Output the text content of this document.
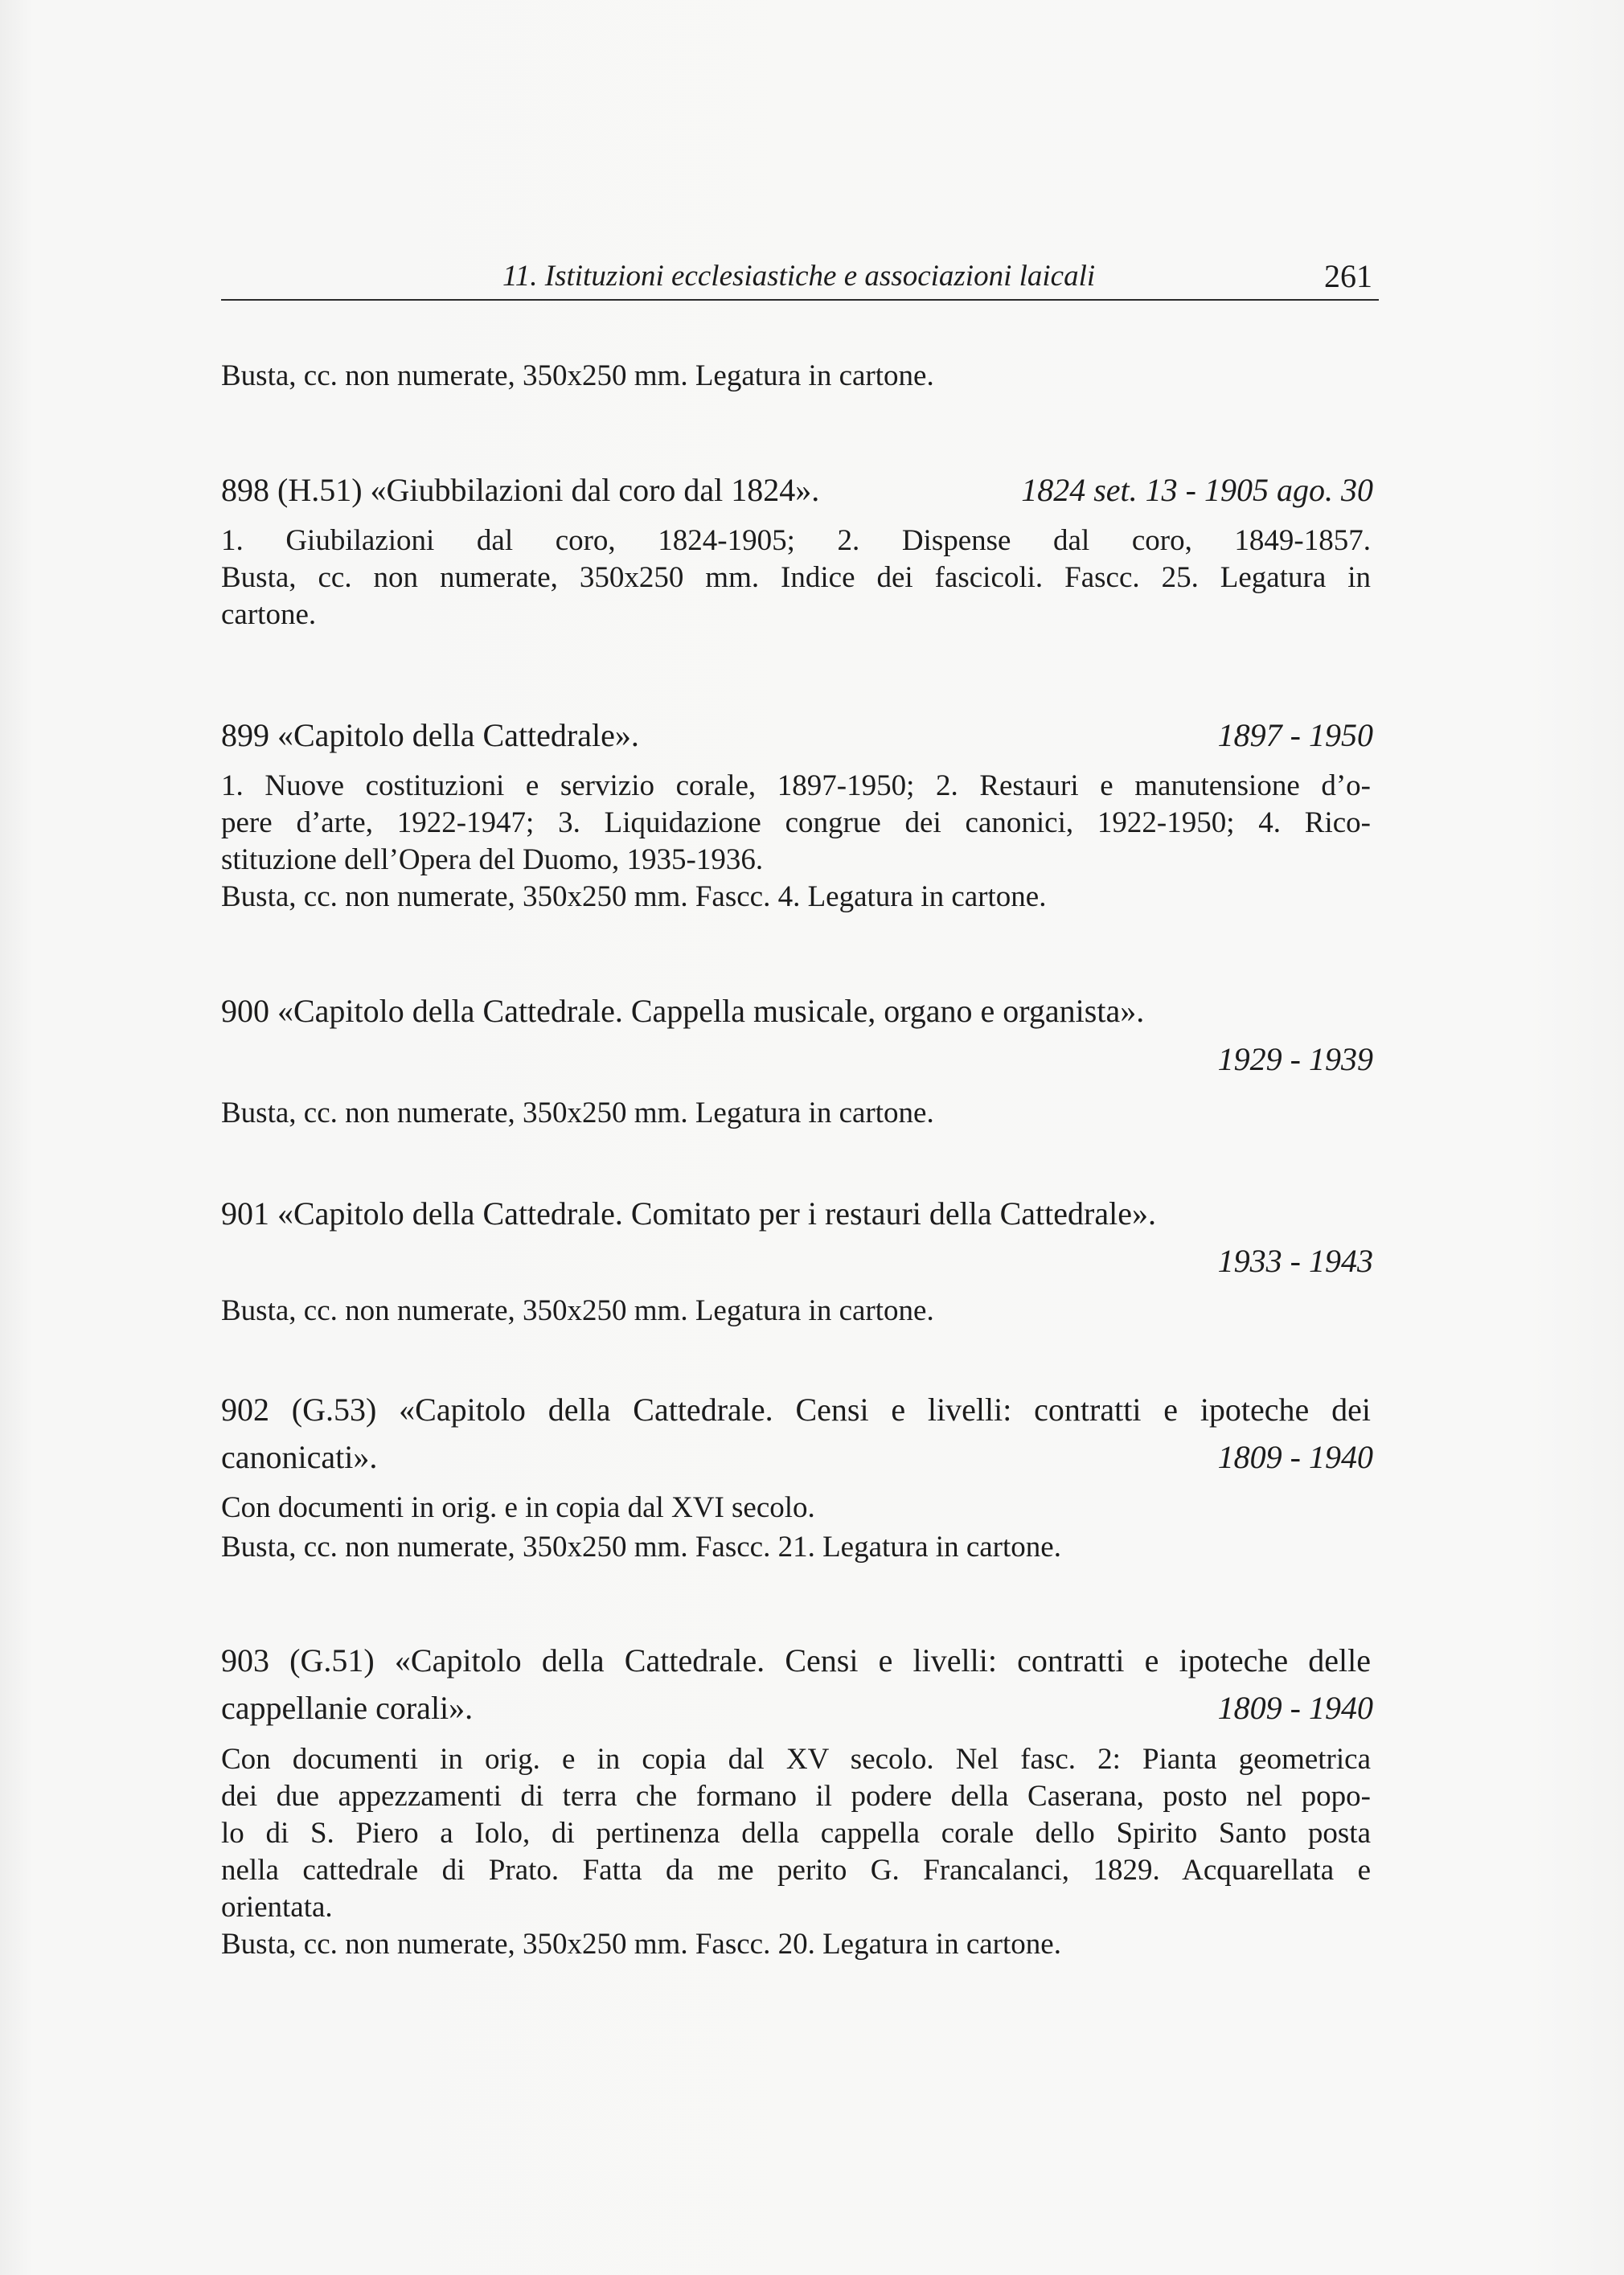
11. Istituzioni ecclesiastiche e associazioni laicali	261
Busta, cc. non numerate, 350x250 mm. Legatura in cartone.
898 (H.51) «Giubbilazioni dal coro dal 1824».	1824 set. 13 - 1905 ago. 30
1. Giubilazioni dal coro, 1824-1905; 2. Dispense dal coro, 1849-1857.
Busta, cc. non numerate, 350x250 mm. Indice dei fascicoli. Fascc. 25. Legatura in
cartone.
899 «Capitolo della Cattedrale».	1897 - 1950
1. Nuove costituzioni e servizio corale, 1897-1950; 2. Restauri e manutensione d’o-
pere d’arte, 1922-1947; 3. Liquidazione congrue dei canonici, 1922-1950; 4. Rico-
stituzione dell’Opera del Duomo, 1935-1936.
Busta, cc. non numerate, 350x250 mm. Fascc. 4. Legatura in cartone.
900 «Capitolo della Cattedrale. Cappella musicale, organo e organista».
1929 - 1939
Busta, cc. non numerate, 350x250 mm. Legatura in cartone.
901 «Capitolo della Cattedrale. Comitato per i restauri della Cattedrale».
1933 - 1943
Busta, cc. non numerate, 350x250 mm. Legatura in cartone.
902 (G.53) «Capitolo della Cattedrale. Censi e livelli: contratti e ipoteche dei
canonicati».	1809 - 1940
Con documenti in orig. e in copia dal XVI secolo.
Busta, cc. non numerate, 350x250 mm. Fascc. 21. Legatura in cartone.
903 (G.51) «Capitolo della Cattedrale. Censi e livelli: contratti e ipoteche delle
cappellanie corali».	1809 - 1940
Con documenti in orig. e in copia dal XV secolo. Nel fasc. 2: Pianta geometrica
dei due appezzamenti di terra che formano il podere della Caserana, posto nel popo-
lo di S. Piero a Iolo, di pertinenza della cappella corale dello Spirito Santo posta
nella cattedrale di Prato. Fatta da me perito G. Francalanci, 1829. Acquarellata e
orientata.
Busta, cc. non numerate, 350x250 mm. Fascc. 20. Legatura in cartone.
